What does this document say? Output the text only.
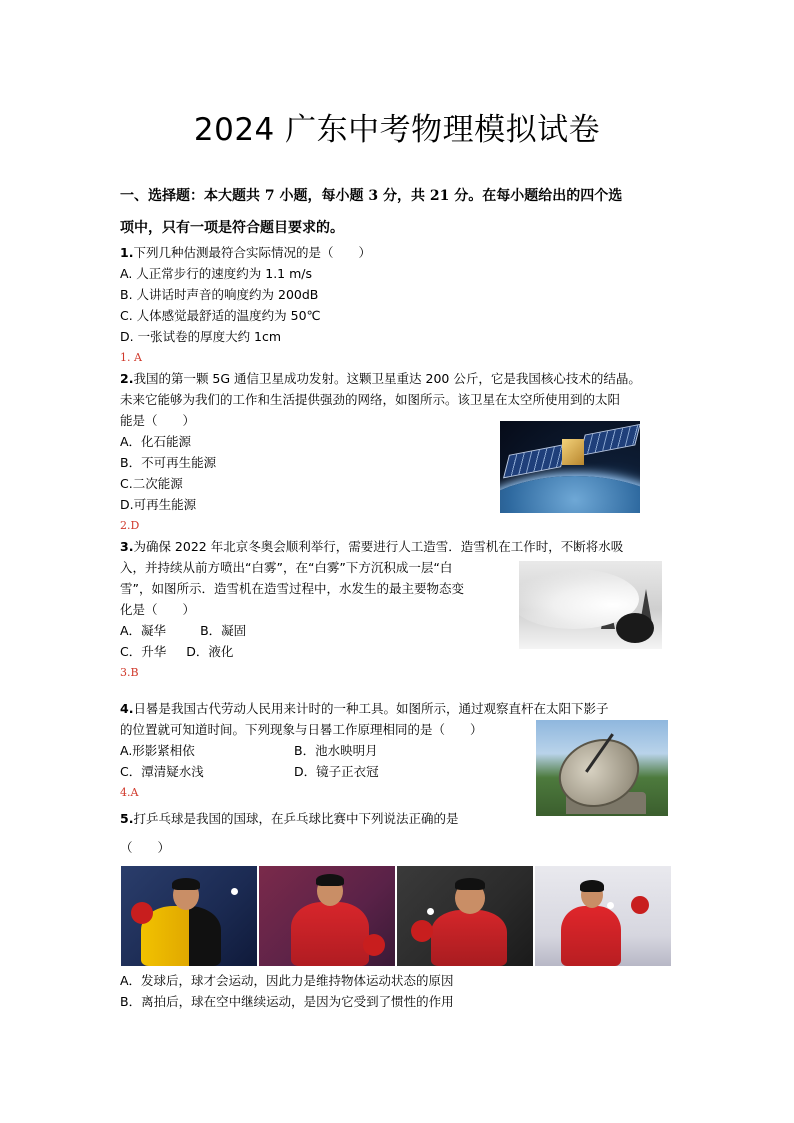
2024 广东中考物理模拟试卷
一、选择题：本大题共 7 小题，每小题 3 分，共 21 分。在每小题给出的四个选
项中，只有一项是符合题目要求的。
1.下列几种估测最符合实际情况的是（　　）
A. 人正常步行的速度约为 1.1 m/s
B. 人讲话时声音的响度约为 200dB
C. 人体感觉最舒适的温度约为 50℃
D. 一张试卷的厚度大约 1cm
1. A
2.我国的第一颗 5G 通信卫星成功发射。这颗卫星重达 200 公斤，它是我国核心技术的结晶。
未来它能够为我们的工作和生活提供强劲的网络，如图所示。该卫星在太空所使用到的太阳
能是（　　）
A．化石能源
B．不可再生能源
C.二次能源
D.可再生能源
2.D
3.为确保 2022 年北京冬奥会顺利举行，需要进行人工造雪．造雪机在工作时，不断将水吸
入，并持续从前方喷出“白雾”，在“白雾”下方沉积成一层“白
雪”，如图所示．造雪机在造雪过程中，水发生的最主要物态变
化是（　　）
A．凝华	B．凝固
C．升华 D．液化
3.B
4.日晷是我国古代劳动人民用来计时的一种工具。如图所示，通过观察直杆在太阳下影子
的位置就可知道时间。下列现象与日晷工作原理相同的是（　　）
A.形影紧相依	B．池水映明月
C．潭清疑水浅	D．镜子正衣冠
4.A
5.打乒乓球是我国的国球，在乒乓球比赛中下列说法正确的是
（　　）
A．发球后，球才会运动，因此力是维持物体运动状态的原因
B．离拍后，球在空中继续运动，是因为它受到了惯性的作用
